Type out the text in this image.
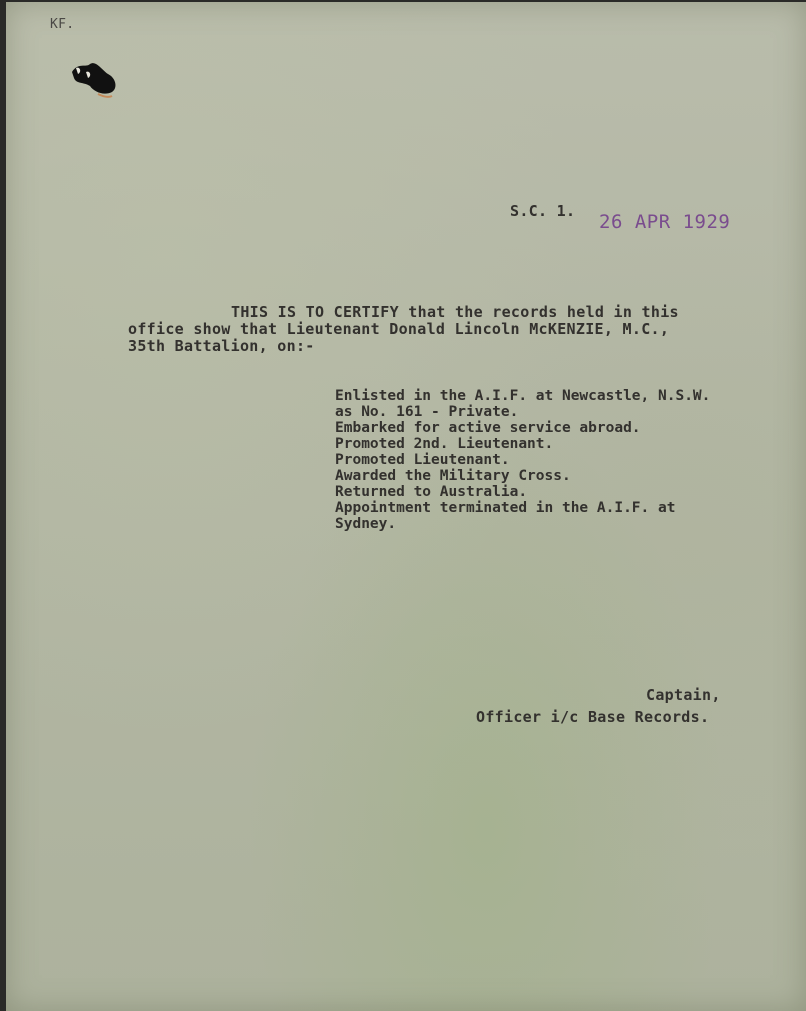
KF.
S.C. 1. 26 APR 1929
THIS IS TO CERTIFY that the records held in this
office show that Lieutenant Donald Lincoln McKENZIE, M.C.,
35th Battalion, on:-
Enlisted in the A.I.F. at Newcastle, N.S.W.
as No. 161 - Private.
Embarked for active service abroad.
Promoted 2nd. Lieutenant.
Promoted Lieutenant.
Awarded the Military Cross.
Returned to Australia.
Appointment terminated in the A.I.F. at
Sydney.
Captain,
Officer i/c Base Records.
